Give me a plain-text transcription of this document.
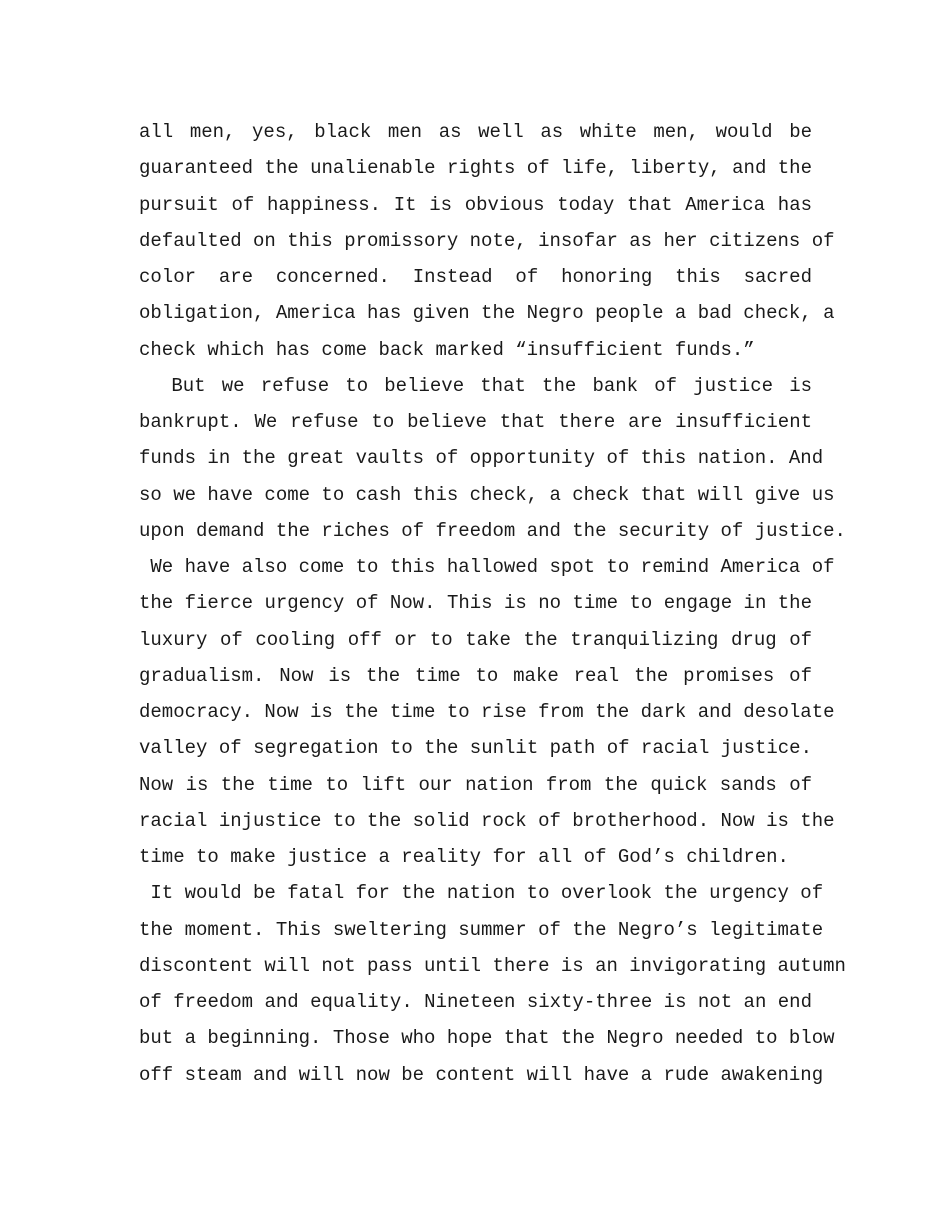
all men, yes, black men as well as white men, would be
guaranteed the unalienable rights of life, liberty, and the
pursuit of happiness. It is obvious today that America has
defaulted on this promissory note, insofar as her citizens of
color are concerned. Instead of honoring this sacred
obligation, America has given the Negro people a bad check, a
check which has come back marked “insufficient funds.”
But we refuse to believe that the bank of justice is
bankrupt. We refuse to believe that there are insufficient
funds in the great vaults of opportunity of this nation. And
so we have come to cash this check, a check that will give us
upon demand the riches of freedom and the security of justice.
We have also come to this hallowed spot to remind America of
the fierce urgency of Now. This is no time to engage in the
luxury of cooling off or to take the tranquilizing drug of
gradualism. Now is the time to make real the promises of
democracy. Now is the time to rise from the dark and desolate
valley of segregation to the sunlit path of racial justice.
Now is the time to lift our nation from the quick sands of
racial injustice to the solid rock of brotherhood. Now is the
time to make justice a reality for all of God’s children.
It would be fatal for the nation to overlook the urgency of
the moment. This sweltering summer of the Negro’s legitimate
discontent will not pass until there is an invigorating autumn
of freedom and equality. Nineteen sixty-three is not an end
but a beginning. Those who hope that the Negro needed to blow
off steam and will now be content will have a rude awakening
